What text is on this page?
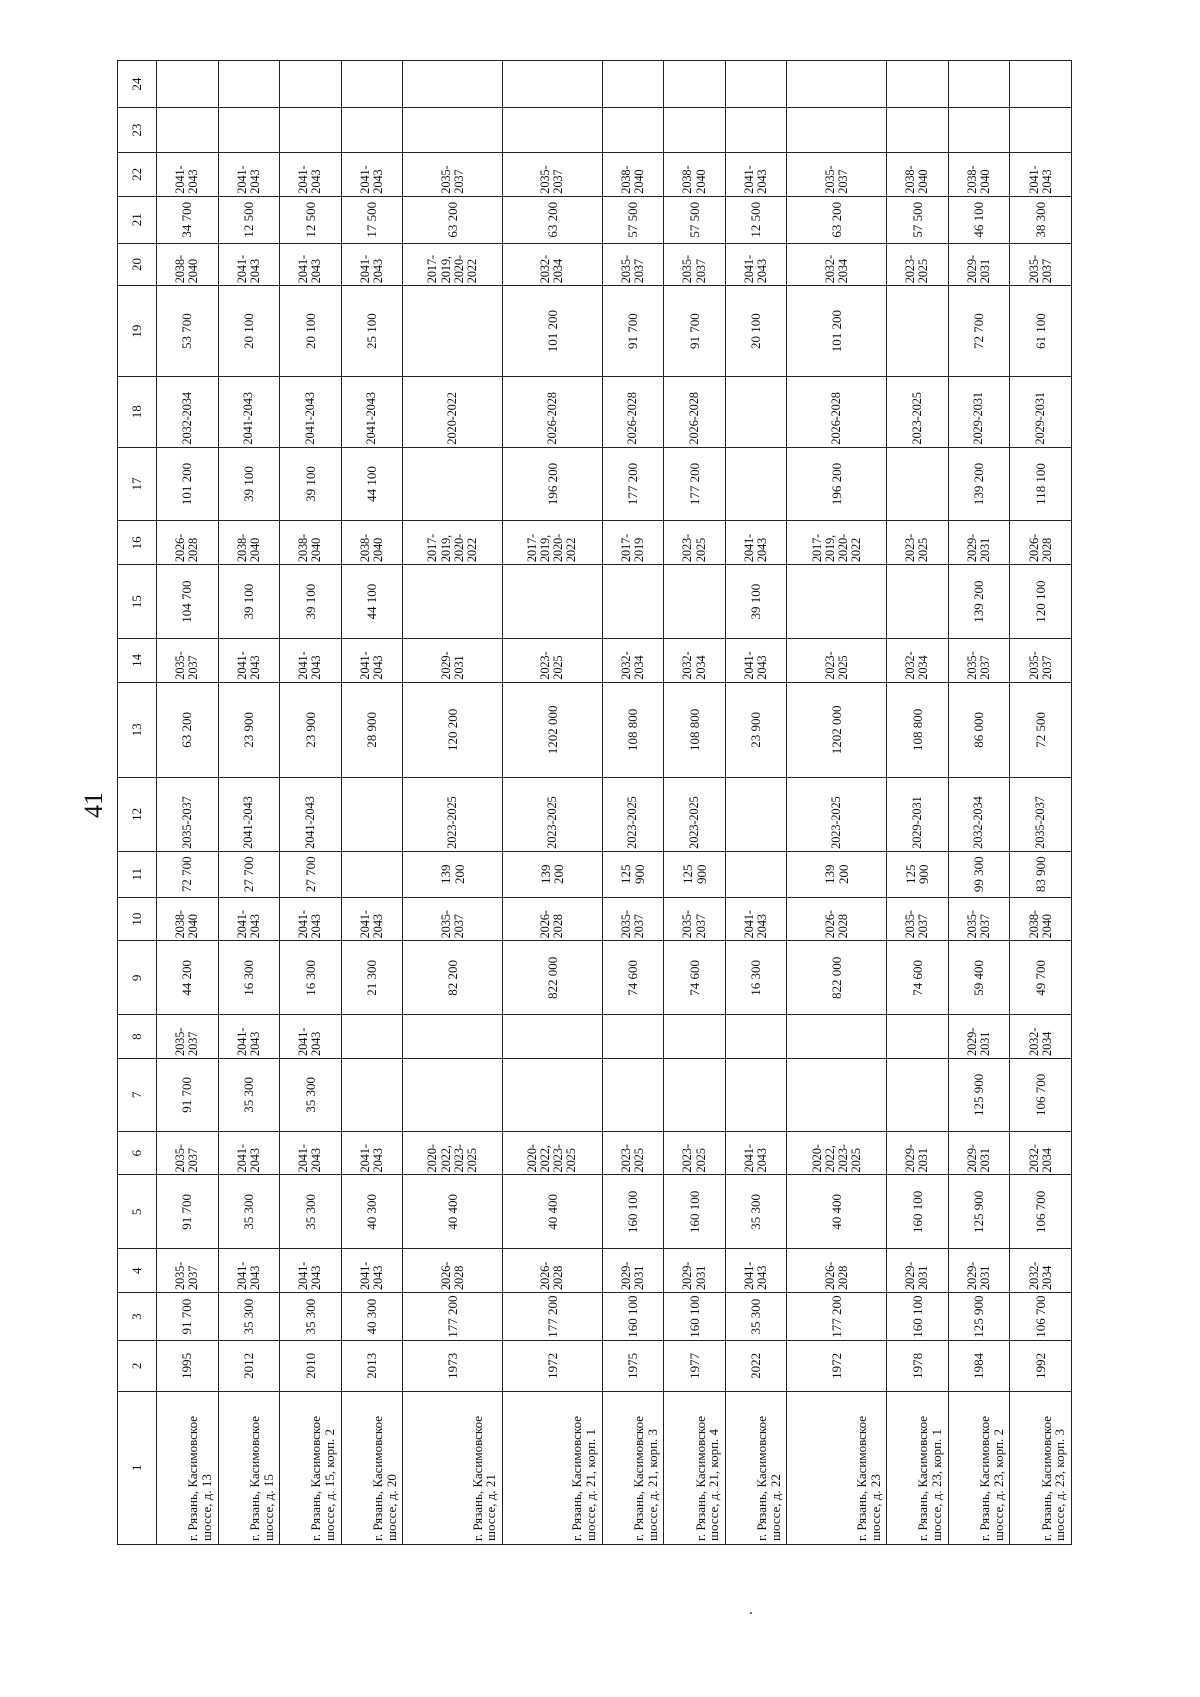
41
1	2	3	4	5	6	7	8	9	10	11	12	13	14	15	16	17	18	19	20	21	22	23	24
г. Рязань, Касимовское шоссе, д. 13	1995	91 700	2035-2037	91 700	2035-2037	91 700	2035-2037	44 200	2038-2040	72 700	2035-2037	63 200	2035-2037	104 700	2026-2028	101 200	2032-2034	53 700	2038-2040	34 700	2041-2043		
г. Рязань, Касимовское шоссе, д. 15	2012	35 300	2041-2043	35 300	2041-2043	35 300	2041-2043	16 300	2041-2043	27 700	2041-2043	23 900	2041-2043	39 100	2038-2040	39 100	2041-2043	20 100	2041-2043	12 500	2041-2043		
г. Рязань, Касимовское шоссе, д. 15, корп. 2	2010	35 300	2041-2043	35 300	2041-2043	35 300	2041-2043	16 300	2041-2043	27 700	2041-2043	23 900	2041-2043	39 100	2038-2040	39 100	2041-2043	20 100	2041-2043	12 500	2041-2043		
г. Рязань, Касимовское шоссе, д. 20	2013	40 300	2041-2043	40 300	2041-2043			21 300	2041-2043			28 900	2041-2043	44 100	2038-2040	44 100	2041-2043	25 100	2041-2043	17 500	2041-2043		
г. Рязань, Касимовское шоссе, д. 21	1973	177 200	2026-2028	40 400	2020-2022, 2023-2025			82 200	2035-2037	139 200	2023-2025	120 200	2029-2031		2017-2019, 2020-2022		2020-2022		2017-2019, 2020-2022	63 200	2035-2037		
г. Рязань, Касимовское шоссе, д. 21, корп. 1	1972	177 200	2026-2028	40 400	2020-2022, 2023-2025			822 000	2026-2028	139 200	2023-2025	1202 000	2023-2025		2017-2019, 2020-2022	196 200	2026-2028	101 200	2032-2034	63 200	2035-2037		
г. Рязань, Касимовское шоссе, д. 21, корп. 3	1975	160 100	2029-2031	160 100	2023-2025			74 600	2035-2037	125 900	2023-2025	108 800	2032-2034		2017-2019	177 200	2026-2028	91 700	2035-2037	57 500	2038-2040		
г. Рязань, Касимовское шоссе, д. 21, корп. 4	1977	160 100	2029-2031	160 100	2023-2025			74 600	2035-2037	125 900	2023-2025	108 800	2032-2034		2023-2025	177 200	2026-2028	91 700	2035-2037	57 500	2038-2040		
г. Рязань, Касимовское шоссе, д. 22	2022	35 300	2041-2043	35 300	2041-2043			16 300	2041-2043			23 900	2041-2043	39 100	2041-2043			20 100	2041-2043	12 500	2041-2043		
г. Рязань, Касимовское шоссе, д. 23	1972	177 200	2026-2028	40 400	2020-2022, 2023-2025			822 000	2026-2028	139 200	2023-2025	1202 000	2023-2025		2017-2019, 2020-2022	196 200	2026-2028	101 200	2032-2034	63 200	2035-2037		
г. Рязань, Касимовское шоссе, д. 23, корп. 1	1978	160 100	2029-2031	160 100	2029-2031			74 600	2035-2037	125 900	2029-2031	108 800	2032-2034		2023-2025		2023-2025		2023-2025	57 500	2038-2040		
г. Рязань, Касимовское шоссе, д. 23, корп. 2	1984	125 900	2029-2031	125 900	2029-2031	125 900	2029-2031	59 400	2035-2037	99 300	2032-2034	86 000	2035-2037	139 200	2029-2031	139 200	2029-2031	72 700	2029-2031	46 100	2038-2040		
г. Рязань, Касимовское шоссе, д. 23, корп. 3	1992	106 700	2032-2034	106 700	2032-2034	106 700	2032-2034	49 700	2038-2040	83 900	2035-2037	72 500	2035-2037	120 100	2026-2028	118 100	2029-2031	61 100	2035-2037	38 300	2041-2043		
